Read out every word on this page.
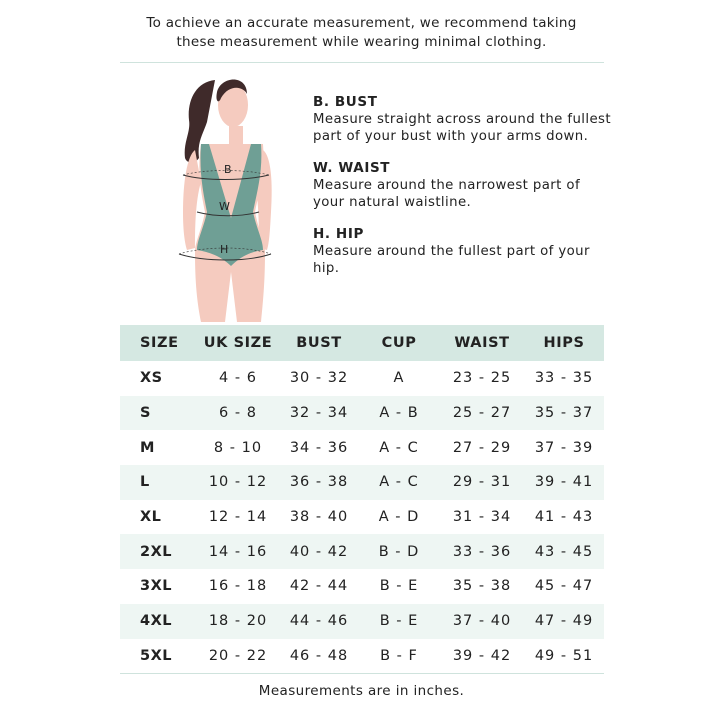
To achieve an accurate measurement, we recommend taking
these measurement while wearing minimal clothing.
B
W
H
B. BUST
Measure straight across around the fullest part of your bust with your arms down.
W. WAIST
Measure around the narrowest part of your natural waistline.
H. HIP
Measure around the fullest part of your hip.
SIZE	UK SIZE	BUST	CUP	WAIST	HIPS
XS	4 - 6	30 - 32	A	23 - 25	33 - 35
S	6 - 8	32 - 34	A - B	25 - 27	35 - 37
M	8 - 10	34 - 36	A - C	27 - 29	37 - 39
L	10 - 12	36 - 38	A - C	29 - 31	39 - 41
XL	12 - 14	38 - 40	A - D	31 - 34	41 - 43
2XL	14 - 16	40 - 42	B - D	33 - 36	43 - 45
3XL	16 - 18	42 - 44	B - E	35 - 38	45 - 47
4XL	18 - 20	44 - 46	B - E	37 - 40	47 - 49
5XL	20 - 22	46 - 48	B - F	39 - 42	49 - 51
Measurements are in inches.
